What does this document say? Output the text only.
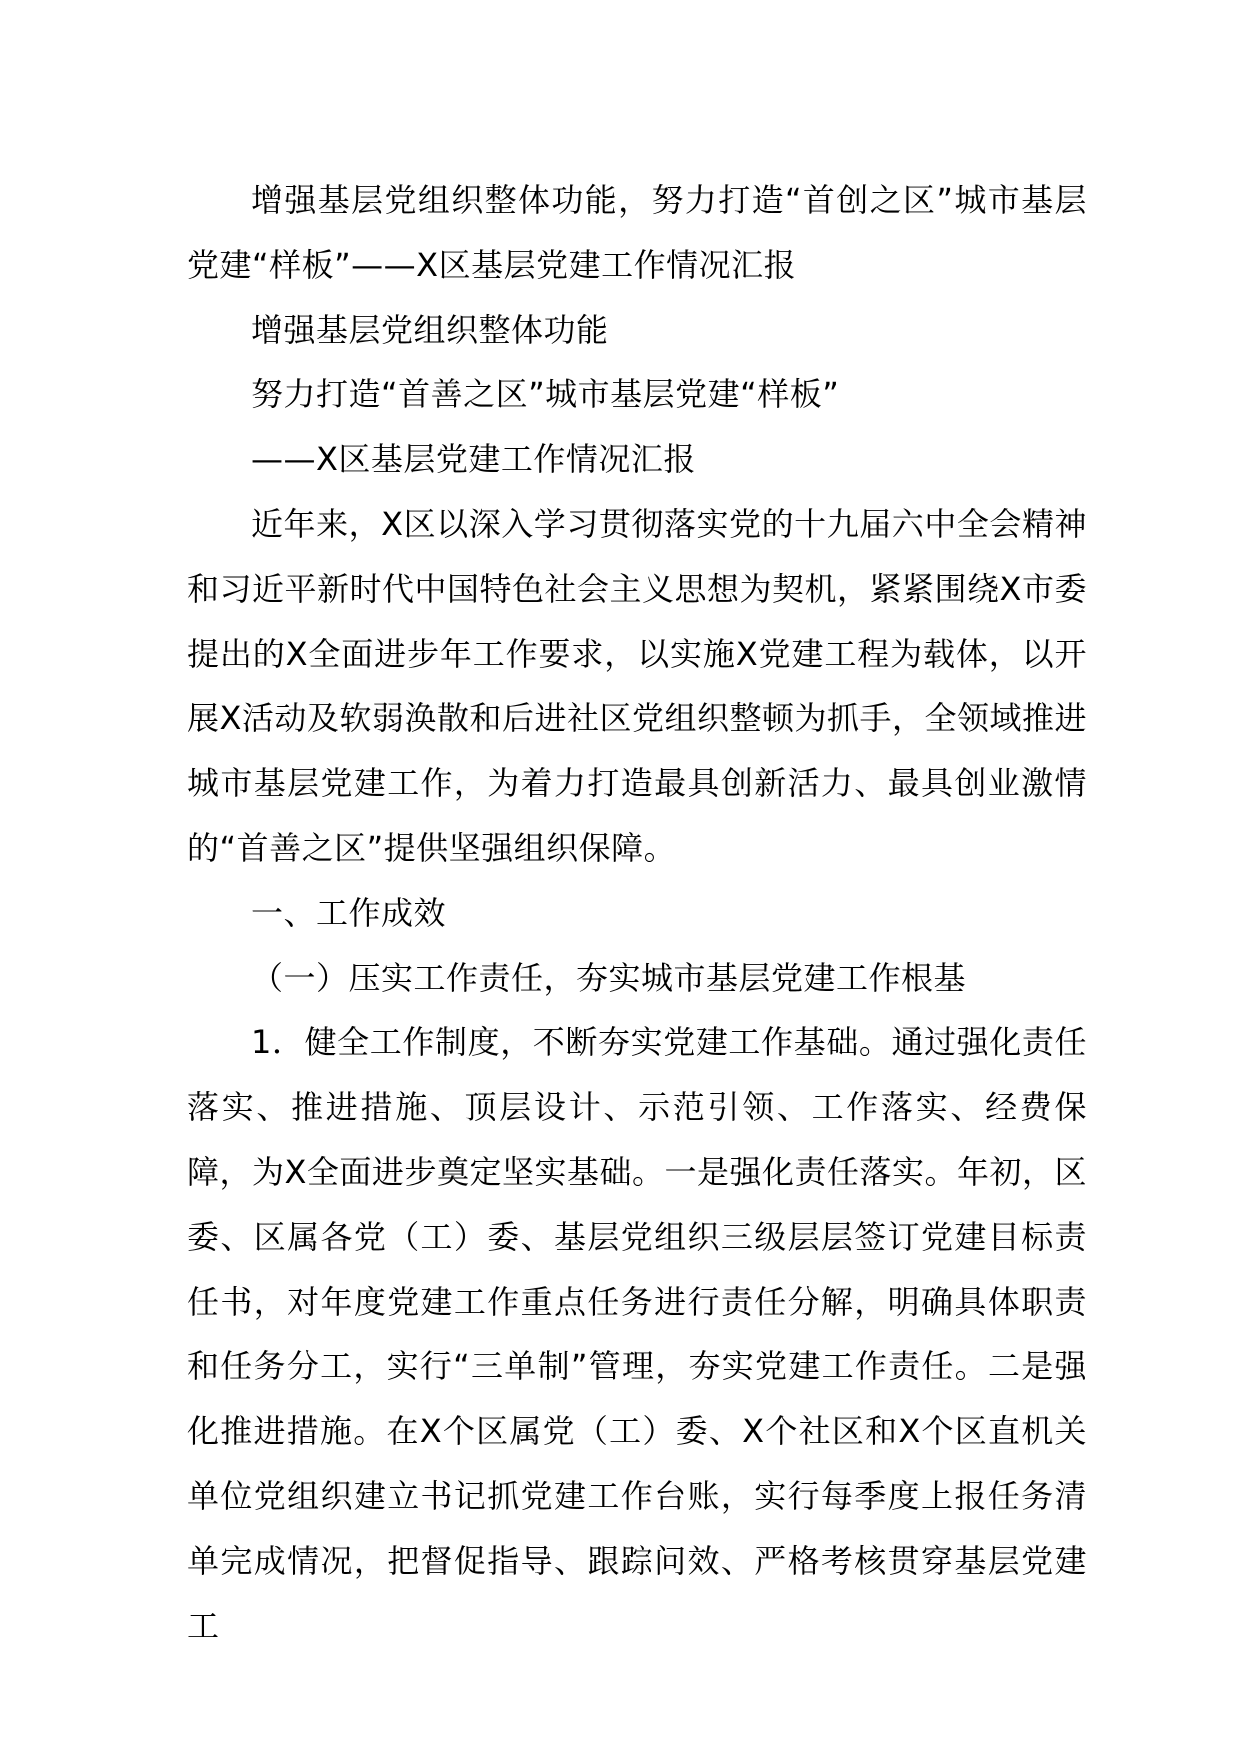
增强基层党组织整体功能，努力打造“首创之区”城市基层党建“样板”——X区基层党建工作情况汇报

增强基层党组织整体功能

努力打造“首善之区”城市基层党建“样板”

——X区基层党建工作情况汇报

近年来，X区以深入学习贯彻落实党的十九届六中全会精神和习近平新时代中国特色社会主义思想为契机，紧紧围绕X市委提出的X全面进步年工作要求，以实施X党建工程为载体，以开展X活动及软弱涣散和后进社区党组织整顿为抓手，全领域推进城市基层党建工作，为着力打造最具创新活力、最具创业激情的“首善之区”提供坚强组织保障。

一、工作成效

（一）压实工作责任，夯实城市基层党建工作根基

1．健全工作制度，不断夯实党建工作基础。通过强化责任落实、推进措施、顶层设计、示范引领、工作落实、经费保障，为X全面进步奠定坚实基础。一是强化责任落实。年初，区委、区属各党（工）委、基层党组织三级层层签订党建目标责任书，对年度党建工作重点任务进行责任分解，明确具体职责和任务分工，实行“三单制”管理，夯实党建工作责任。二是强化推进措施。在X个区属党（工）委、X个社区和X个区直机关单位党组织建立书记抓党建工作台账，实行每季度上报任务清单完成情况，把督促指导、跟踪问效、严格考核贯穿基层党建工
